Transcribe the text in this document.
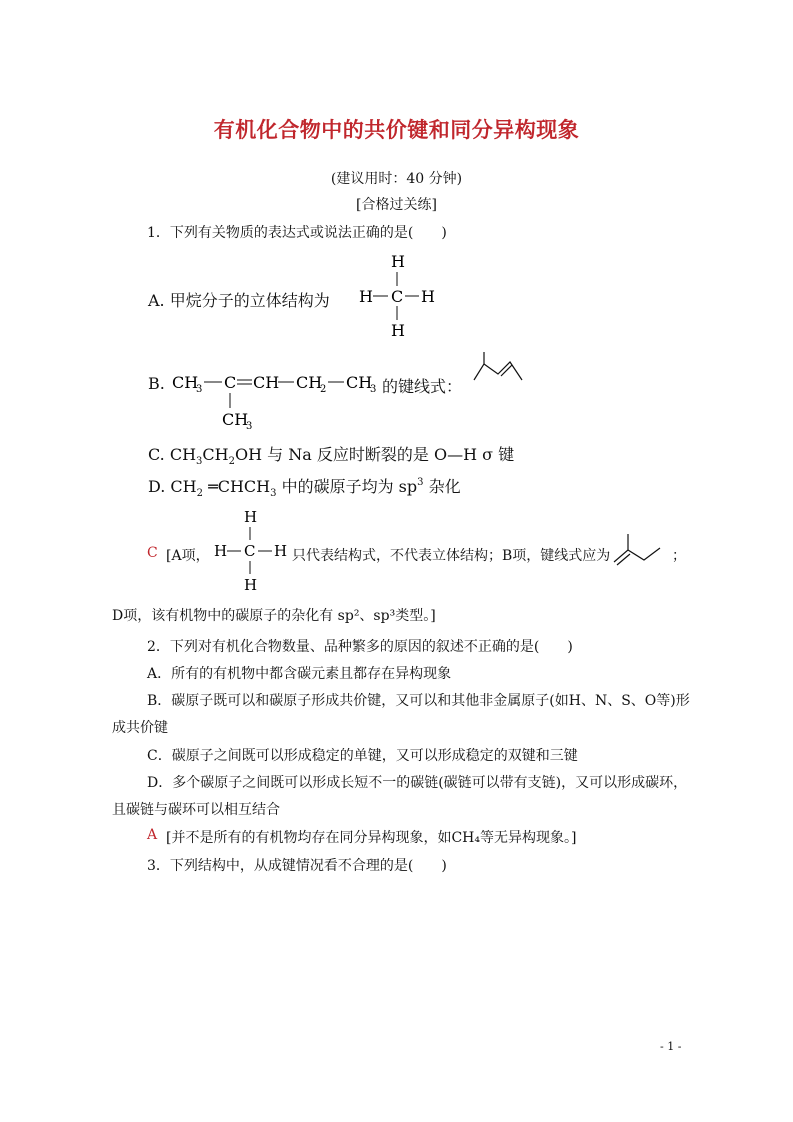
有机化合物中的共价键和同分异构现象
(建议用时：40 分钟)
[合格过关练]
1．下列有关物质的表达式或说法正确的是(　　)
A. 甲烷分子的立体结构为
H
H C H
H
B. CH
3 C CH CH
2 CH
3
CH
3
的键线式：
C. $CH_3CH_2OH$ 与 Na 反应时断裂的是 O—H σ 键
D. $CH_2$ $═CHCH_3$ 中的碳原子均为 $sp^3$ 杂化
C [A项，
H
H C H
H
只代表结构式，不代表立体结构；B项，键线式应为	；
D项，该有机物中的碳原子的杂化有 sp²、sp³类型。]
2．下列对有机化合物数量、品种繁多的原因的叙述不正确的是(　　)
A．所有的有机物中都含碳元素且都存在异构现象
B．碳原子既可以和碳原子形成共价键，又可以和其他非金属原子(如H、N、S、O等)形
成共价键
C．碳原子之间既可以形成稳定的单键，又可以形成稳定的双键和三键
D．多个碳原子之间既可以形成长短不一的碳链(碳链可以带有支链)，又可以形成碳环，
且碳链与碳环可以相互结合
A [并不是所有的有机物均存在同分异构现象，如CH₄等无异构现象。]
3．下列结构中，从成键情况看不合理的是(　　)
- 1 -
